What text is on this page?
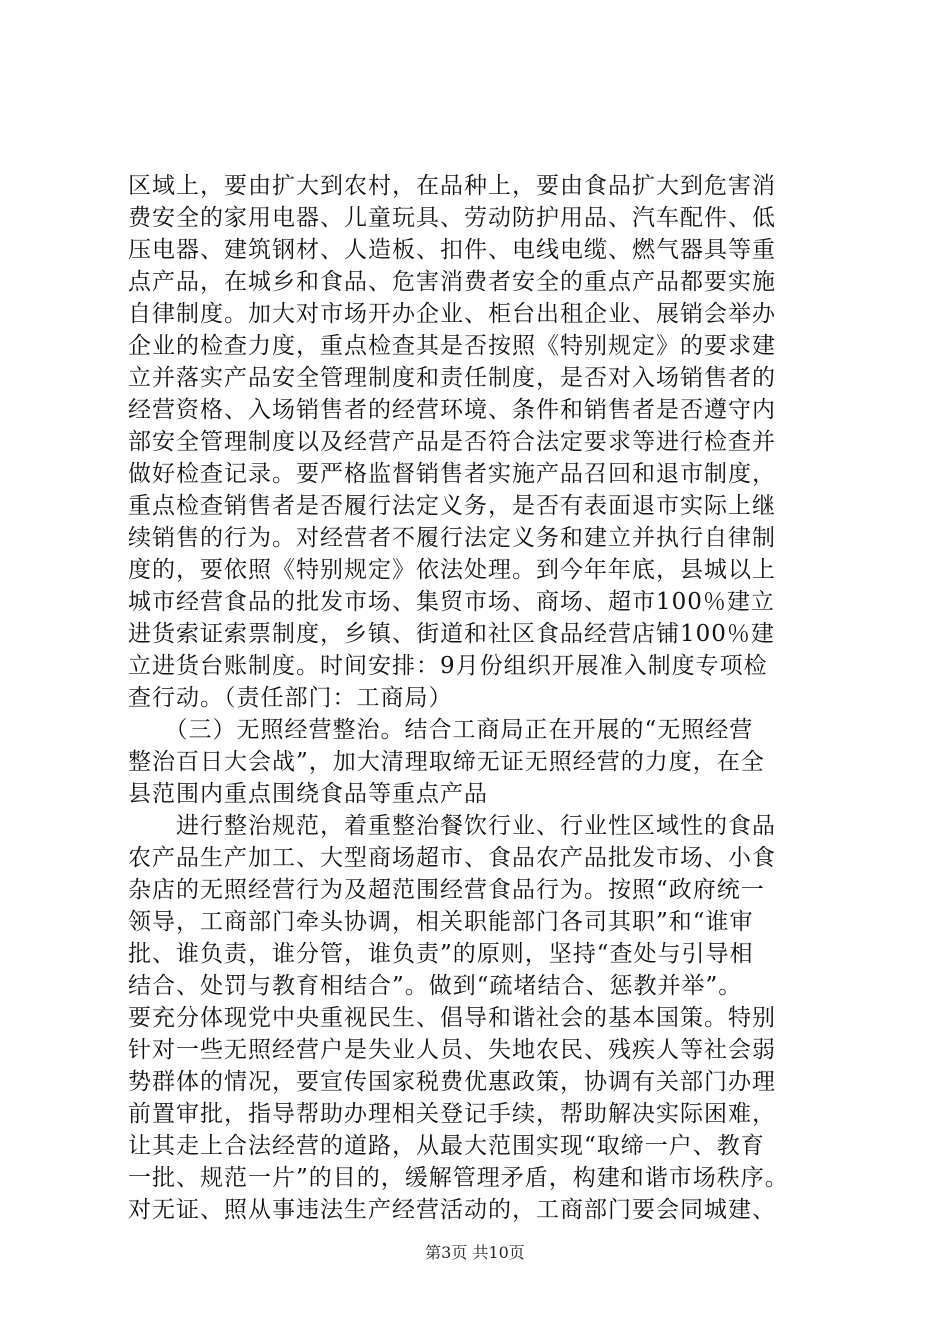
区域上，要由扩大到农村，在品种上，要由食品扩大到危害消
费安全的家用电器、儿童玩具、劳动防护用品、汽车配件、低
压电器、建筑钢材、人造板、扣件、电线电缆、燃气器具等重
点产品，在城乡和食品、危害消费者安全的重点产品都要实施
自律制度。加大对市场开办企业、柜台出租企业、展销会举办
企业的检查力度，重点检查其是否按照《特别规定》的要求建
立并落实产品安全管理制度和责任制度，是否对入场销售者的
经营资格、入场销售者的经营环境、条件和销售者是否遵守内
部安全管理制度以及经营产品是否符合法定要求等进行检查并
做好检查记录。要严格监督销售者实施产品召回和退市制度，
重点检查销售者是否履行法定义务，是否有表面退市实际上继
续销售的行为。对经营者不履行法定义务和建立并执行自律制
度的，要依照《特别规定》依法处理。到今年年底，县城以上
城市经营食品的批发市场、集贸市场、商场、超市100％建立
进货索证索票制度，乡镇、街道和社区食品经营店铺100％建
立进货台账制度。时间安排：9月份组织开展准入制度专项检
查行动。（责任部门：工商局）
　　（三）无照经营整治。结合工商局正在开展的“无照经营
整治百日大会战”，加大清理取缔无证无照经营的力度，在全
县范围内重点围绕食品等重点产品
　　进行整治规范，着重整治餐饮行业、行业性区域性的食品
农产品生产加工、大型商场超市、食品农产品批发市场、小食
杂店的无照经营行为及超范围经营食品行为。按照“政府统一
领导，工商部门牵头协调，相关职能部门各司其职”和“谁审
批、谁负责，谁分管，谁负责”的原则，坚持“查处与引导相
结合、处罚与教育相结合”。做到“疏堵结合、惩教并举”。
要充分体现党中央重视民生、倡导和谐社会的基本国策。特别
针对一些无照经营户是失业人员、失地农民、残疾人等社会弱
势群体的情况，要宣传国家税费优惠政策，协调有关部门办理
前置审批，指导帮助办理相关登记手续，帮助解决实际困难，
让其走上合法经营的道路，从最大范围实现“取缔一户、教育
一批、规范一片”的目的，缓解管理矛盾，构建和谐市场秩序。
对无证、照从事违法生产经营活动的，工商部门要会同城建、
第3页 共10页
